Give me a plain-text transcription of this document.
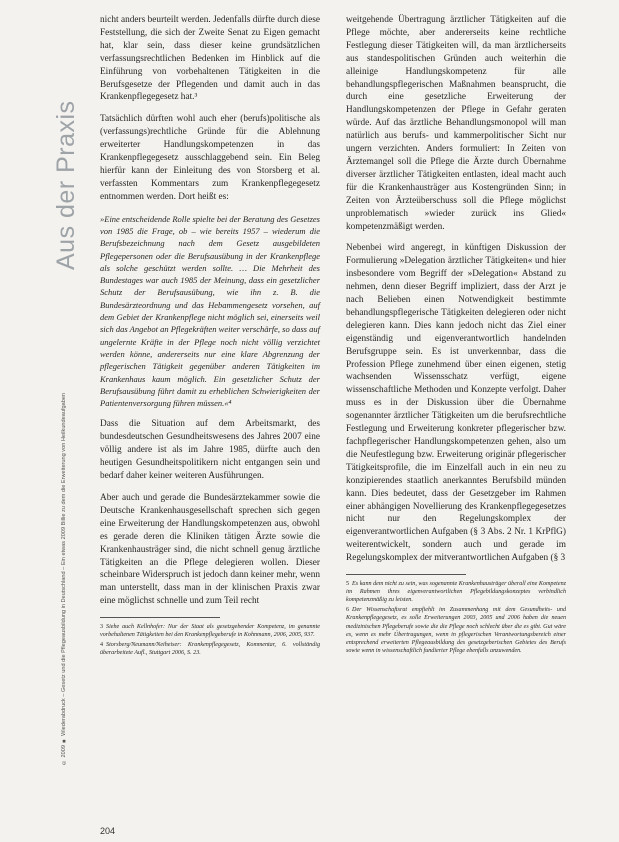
Aus der Praxis
© 2009 ■ Wiederabdruck – Gesetz und die Pflegeausbildung in Deutschland – Ein etwas 2009 Billie zu dem die Erweiterung von Heilkundeaufgaben

nicht anders beurteilt werden. Jedenfalls dürfte durch diese Feststellung, die sich der Zweite Senat zu Eigen gemacht hat, klar sein, dass dieser keine grundsätzlichen verfassungsrechtlichen Bedenken im Hinblick auf die Einführung von vorbehaltenen Tätigkeiten in die Berufsgesetze der Pflegenden und damit auch in das Krankenpflegegesetz hat.³

Tatsächlich dürften wohl auch eher (berufs)politische als (verfassungs)rechtliche Gründe für die Ablehnung erweiterter Handlungskompetenzen in das Krankenpflegegesetz ausschlaggebend sein. Ein Beleg hierfür kann der Einleitung des von Storsberg et al. verfassten Kommentars zum Krankenpflegegesetz entnommen werden. Dort heißt es:

»Eine entscheidende Rolle spielte bei der Beratung des Gesetzes von 1985 die Frage, ob – wie bereits 1957 – wiederum die Berufsbezeichnung nach dem Gesetz ausgebildeten Pflegepersonen oder die Berufsausübung in der Krankenpflege als solche geschützt werden sollte. … Die Mehrheit des Bundestages war auch 1985 der Meinung, dass ein gesetzlicher Schutz der Berufsausübung, wie ihn z. B. die Bundesärzteordnung und das Hebammengesetz vorsehen, auf dem Gebiet der Krankenpflege nicht möglich sei, einerseits weil sich das Angebot an Pflegekräften weiter verschärfe, so dass auf ungelernte Kräfte in der Pflege noch nicht völlig verzichtet werden könne, andererseits nur eine klare Abgrenzung der pflegerischen Tätigkeit gegenüber anderen Tätigkeiten im Krankenhaus kaum möglich. Ein gesetzlicher Schutz der Berufsausübung führt damit zu erheblichen Schwierigkeiten der Patientenversorgung führen müssen.«⁴

Dass die Situation auf dem Arbeitsmarkt, des bundesdeutschen Gesundheitswesens des Jahres 2007 eine völlig andere ist als im Jahre 1985, dürfte auch den heutigen Gesundheitspolitikern nicht entgangen sein und bedarf daher keiner weiteren Ausführungen.

Aber auch und gerade die Bundesärztekammer sowie die Deutsche Krankenhausgesellschaft sprechen sich gegen eine Erweiterung der Handlungskompetenzen aus, obwohl es gerade deren die Kliniken tätigen Ärzte sowie die Krankenhausträger sind, die nicht schnell genug ärztliche Tätigkeiten an die Pflege delegieren wollen. Dieser scheinbare Widerspruch ist jedoch dann keiner mehr, wenn man unterstellt, dass man in der klinischen Praxis zwar eine möglichst schnelle und zum Teil recht

3 Siehe auch Kellnhofer: Nur der Staat als gesetzgebender Kompetenz, im genannte vorbehaltenen Tätigkeiten bei den Krankenpflegeberufe in Kohnmann, 2006, 2005, 937.
4 Storsberg/Neumann/Neiheiser: Krankenpflegegesetz, Kommentar, 6. vollständig überarbeitete Aufl., Stuttgart 2006, S. 23.

weitgehende Übertragung ärztlicher Tätigkeiten auf die Pflege möchte, aber andererseits keine rechtliche Festlegung dieser Tätigkeiten will, da man ärztlicherseits aus standespolitischen Gründen auch weiterhin die alleinige Handlungskompetenz für alle behandlungspflegerischen Maßnahmen beansprucht, die durch eine gesetzliche Erweiterung der Handlungskompetenzen der Pflege in Gefahr geraten würde. Auf das ärztliche Behandlungsmonopol will man natürlich aus berufs- und kammerpolitischer Sicht nur ungern verzichten. Anders formuliert: In Zeiten von Ärztemangel soll die Pflege die Ärzte durch Übernahme diverser ärztlicher Tätigkeiten entlasten, ideal macht auch für die Krankenhausträger aus Kostengründen Sinn; in Zeiten von Ärzteüberschuss soll die Pflege möglichst unproblematisch »wieder zurück ins Glied« kompetenzmäßigt werden.

Nebenbei wird angeregt, in künftigen Diskussion der Formulierung »Delegation ärztlicher Tätigkeiten« und hier insbesondere vom Begriff der »Delegation« Abstand zu nehmen, denn dieser Begriff impliziert, dass der Arzt je nach Belieben einen Notwendigkeit bestimmte behandlungspflegerische Tätigkeiten delegieren oder nicht delegieren kann. Dies kann jedoch nicht das Ziel einer eigenständig und eigenverantwortlich handelnden Berufsgruppe sein. Es ist unverkennbar, dass die Profession Pflege zunehmend über einen eigenen, stetig wachsenden Wissensschatz verfügt, eigene wissenschaftliche Methoden und Konzepte verfolgt. Daher muss es in der Diskussion über die Übernahme sogenannter ärztlicher Tätigkeiten um die berufsrechtliche Festlegung und Erweiterung konkreter pflegerischer bzw. fachpflegerischer Handlungskompetenzen gehen, also um die Neufestlegung bzw. Erweiterung originär pflegerischer Tätigkeitsprofile, die im Einzelfall auch in ein neu zu konzipierendes staatlich anerkanntes Berufsbild münden kann. Dies bedeutet, dass der Gesetzgeber im Rahmen einer abhängigen Novellierung des Krankenpflegegesetzes nicht nur den Regelungskomplex der eigenverantwortlichen Aufgaben (§ 3 Abs. 2 Nr. 1 KrPflG) weiterentwickelt, sondern auch und gerade im Regelungskomplex der mitverantwortlichen Aufgaben (§ 3

5 Es kann dem nicht zu sein, was sogenannte Krankenhausträger überall eine Kompetenz im Rahmen ihres eigenverantwortlichen Pflegebildungskonzeptes verbindlich kompetenzmäßig zu leisten.
6 Der Wissenschaftsrat empfiehlt im Zusammenhang mit dem Gesundheits- und Krankenpflegegesetz, es solle Erweiterungen 2003, 2005 und 2006 haben die neuen medizinischen Pflegeberufe sowie die die Pflege noch schlecht über die es gibt. Gut wäre es, wenn es mehr Übertragungen, wenn in pflegerischen Verantwortungsbereich einer entsprechend erweiterten Pflegeausbildung des gesetzgeberischen Gebietes des Berufs sowie wenn in wissenschaftlich fundierter Pflege ebenfalls anzuwenden.
204
